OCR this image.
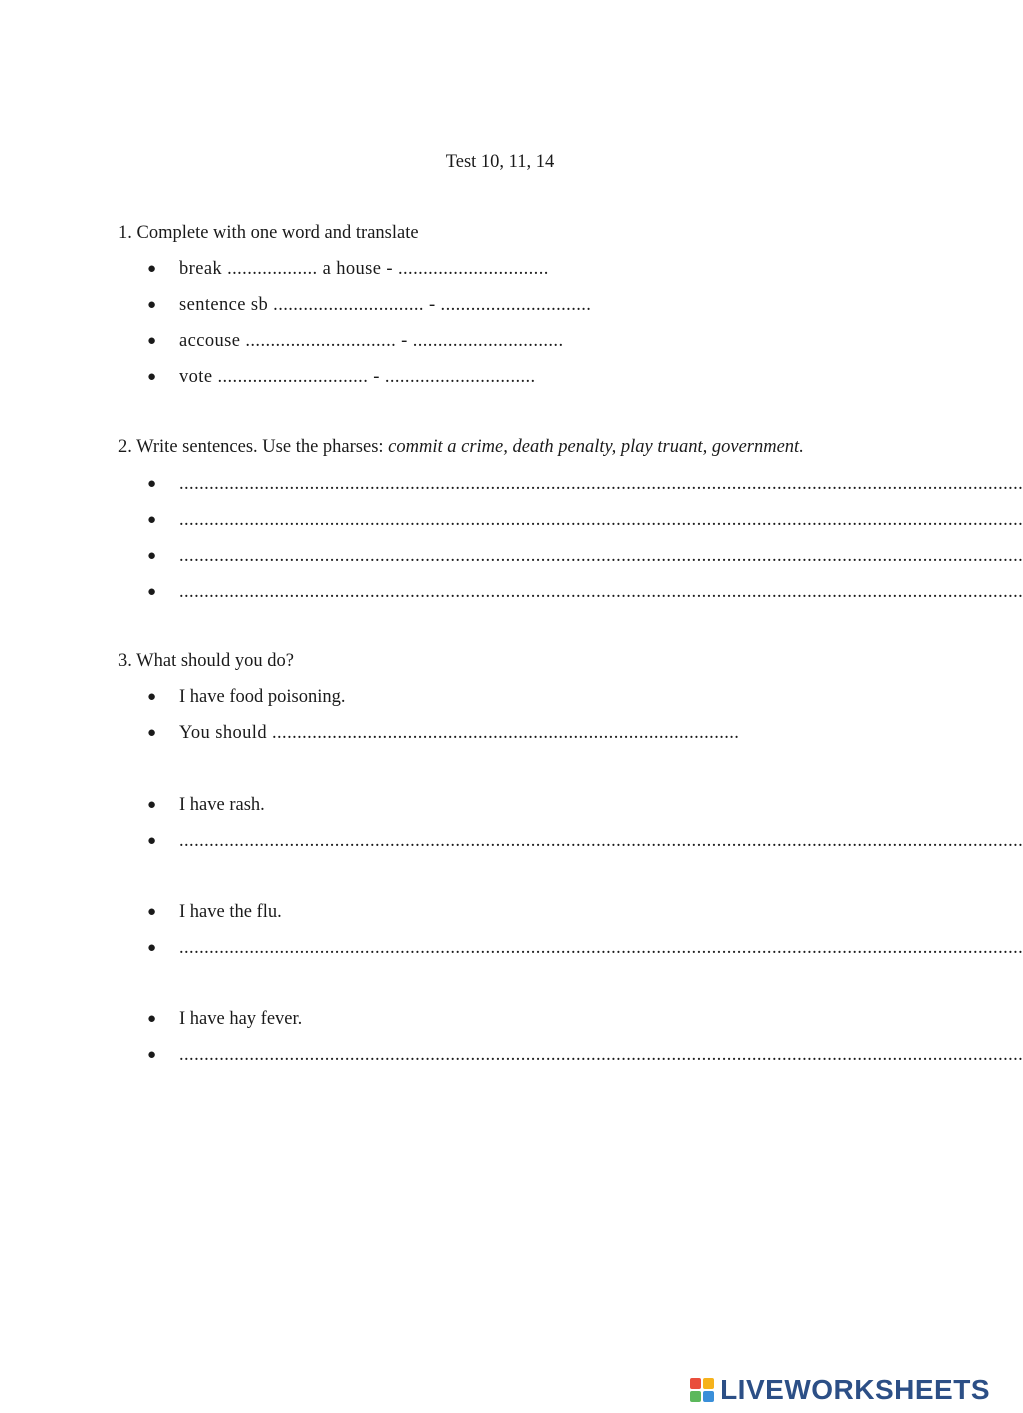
Test 10, 11, 14
1. Complete with one word and translate
● break .................. a house - ..............................
● sentence sb .............................. - ..............................
● accouse .............................. - ..............................
● vote .............................. - ..............................
2. Write sentences. Use the pharses: commit a crime, death penalty, play truant, government.
● ........................................................................................................................................................................
● ........................................................................................................................................................................
● ........................................................................................................................................................................
● ........................................................................................................................................................................
3. What should you do?
● I have food poisoning.
● You should .............................................................................................
● I have rash.
● ........................................................................................................................................................................
● I have the flu.
● ........................................................................................................................................................................
● I have hay fever.
● ........................................................................................................................................................................
LIVEWORKSHEETS
